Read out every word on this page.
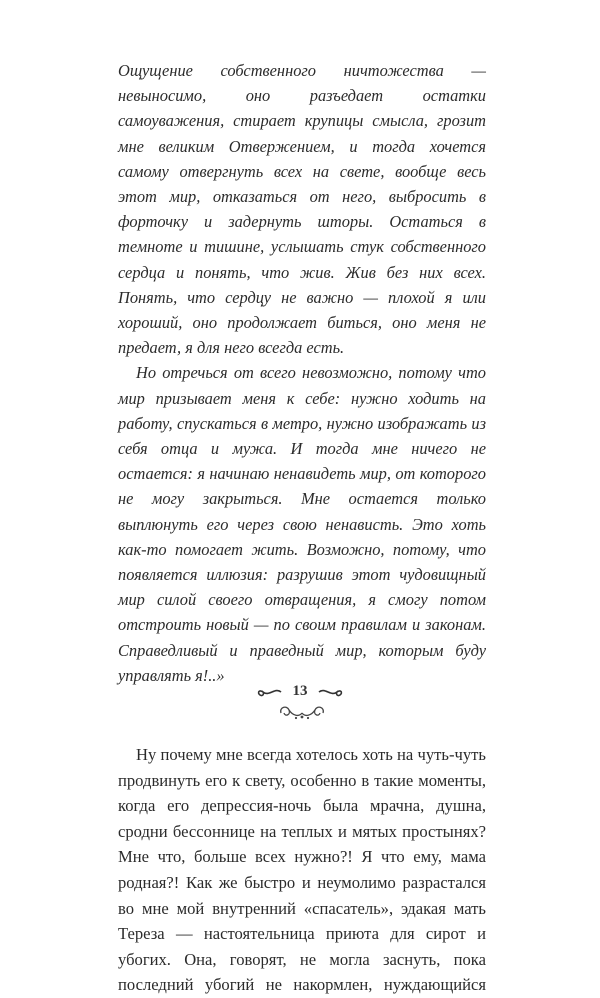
Ощущение собственного ничтожества — невыносимо, оно разъедает остатки самоуважения, стирает крупицы смысла, грозит мне великим Отвержением, и тогда хочется самому отвергнуть всех на свете, вообще весь этот мир, отказаться от него, выбросить в форточку и задернуть шторы. Остаться в темноте и тишине, услышать стук собственного сердца и понять, что жив. Жив без них всех. Понять, что сердцу не важно — плохой я или хороший, оно продолжает биться, оно меня не предает, я для него всегда есть.

Но отречься от всего невозможно, потому что мир призывает меня к себе: нужно ходить на работу, спускаться в метро, нужно изображать из себя отца и мужа. И тогда мне ничего не остается: я начинаю ненавидеть мир, от которого не могу закрыться. Мне остается только выплюнуть его через свою ненависть. Это хоть как-то помогает жить. Возможно, потому, что появляется иллюзия: разрушив этот чудовищный мир силой своего отвращения, я смогу потом отстроить новый — по своим правилам и законам. Справедливый и праведный мир, которым буду управлять я!..»

Ну почему мне всегда хотелось хоть на чуть-чуть продвинуть его к свету, особенно в такие моменты, когда его депрессия-ночь была мрачна, душна, сродни бессоннице на теплых и мятых простынях? Мне что, больше всех нужно?! Я что ему, мама родная?! Как же быстро и неумолимо разрастался во мне мой внутренний «спасатель», эдакая мать Тереза — настоятельница приюта для сирот и убогих. Она, говорят, не могла заснуть, пока последний убогий не накормлен, нуждающийся

13
